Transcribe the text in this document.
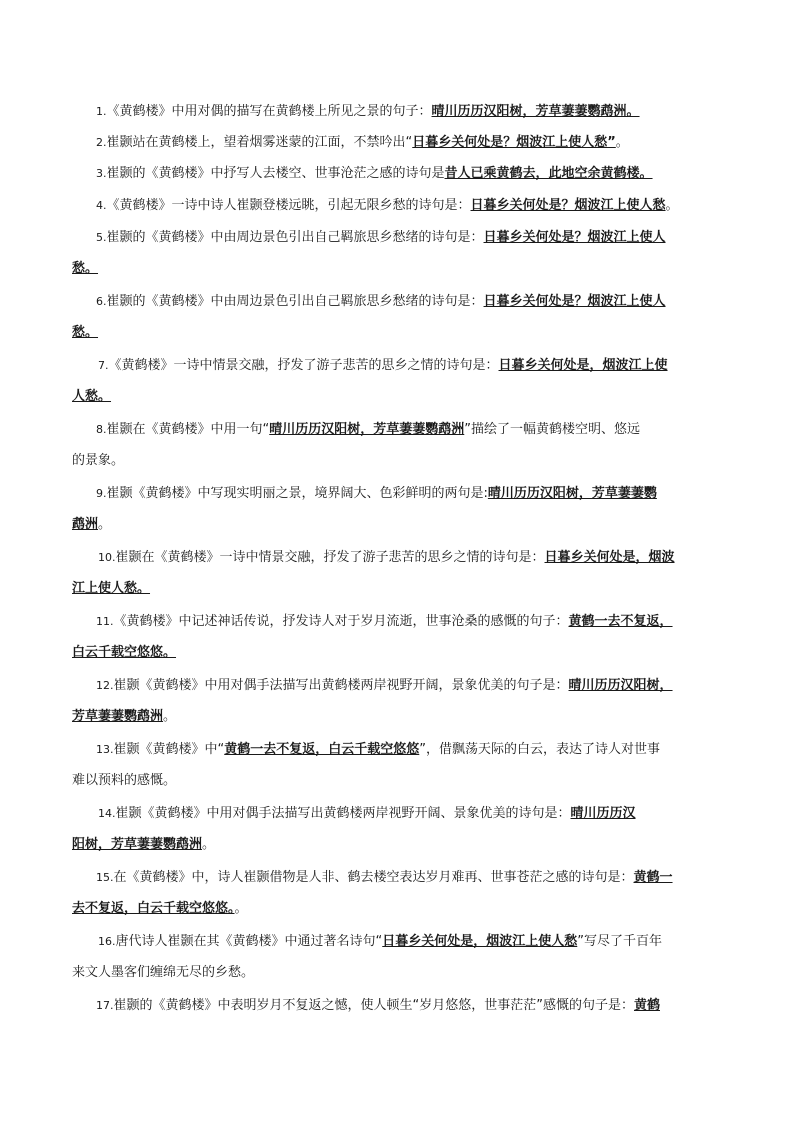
1.《黄鹤楼》中用对偶的描写在黄鹤楼上所见之景的句子：晴川历历汉阳树，芳草萋萋鹦鹉洲。
2.崔颢站在黄鹤楼上，望着烟雾迷蒙的江面，不禁吟出“日暮乡关何处是？烟波江上使人愁”。
3.崔颢的《黄鹤楼》中抒写人去楼空、世事沧茫之感的诗句是昔人已乘黄鹤去，此地空余黄鹤楼。
4.《黄鹤楼》一诗中诗人崔颢登楼远眺，引起无限乡愁的诗句是：日暮乡关何处是？烟波江上使人愁。
5.崔颢的《黄鹤楼》中由周边景色引出自己羁旅思乡愁绪的诗句是：日暮乡关何处是？烟波江上使人
愁。
6.崔颢的《黄鹤楼》中由周边景色引出自己羁旅思乡愁绪的诗句是：日暮乡关何处是？烟波江上使人
愁。
7.《黄鹤楼》一诗中情景交融，抒发了游子悲苦的思乡之情的诗句是：日暮乡关何处是，烟波江上使
人愁。
8.崔颢在《黄鹤楼》中用一句“晴川历历汉阳树，芳草萋萋鹦鹉洲”描绘了一幅黄鹤楼空明、悠远
的景象。
9.崔颢《黄鹤楼》中写现实明丽之景，境界阔大、色彩鲜明的两句是:晴川历历汉阳树，芳草萋萋鹦
鹉洲。
10.崔颢在《黄鹤楼》一诗中情景交融，抒发了游子悲苦的思乡之情的诗句是：日暮乡关何处是，烟波
江上使人愁。
11.《黄鹤楼》中记述神话传说，抒发诗人对于岁月流逝，世事沧桑的感慨的句子：黄鹤一去不复返，
白云千载空悠悠。
12.崔颢《黄鹤楼》中用对偶手法描写出黄鹤楼两岸视野开阔，景象优美的句子是：晴川历历汉阳树，
芳草萋萋鹦鹉洲。
13.崔颢《黄鹤楼》中“黄鹤一去不复返，白云千载空悠悠”，借飘荡天际的白云，表达了诗人对世事
难以预料的感慨。
14.崔颢《黄鹤楼》中用对偶手法描写出黄鹤楼两岸视野开阔、景象优美的诗句是：晴川历历汉
阳树，芳草萋萋鹦鹉洲。
15.在《黄鹤楼》中，诗人崔颢借物是人非、鹤去楼空表达岁月难再、世事苍茫之感的诗句是：黄鹤一
去不复返，白云千载空悠悠。。
16.唐代诗人崔颢在其《黄鹤楼》中通过著名诗句“日暮乡关何处是，烟波江上使人愁”写尽了千百年
来文人墨客们缠绵无尽的乡愁。
17.崔颢的《黄鹤楼》中表明岁月不复返之憾，使人顿生“岁月悠悠，世事茫茫”感慨的句子是：黄鹤
